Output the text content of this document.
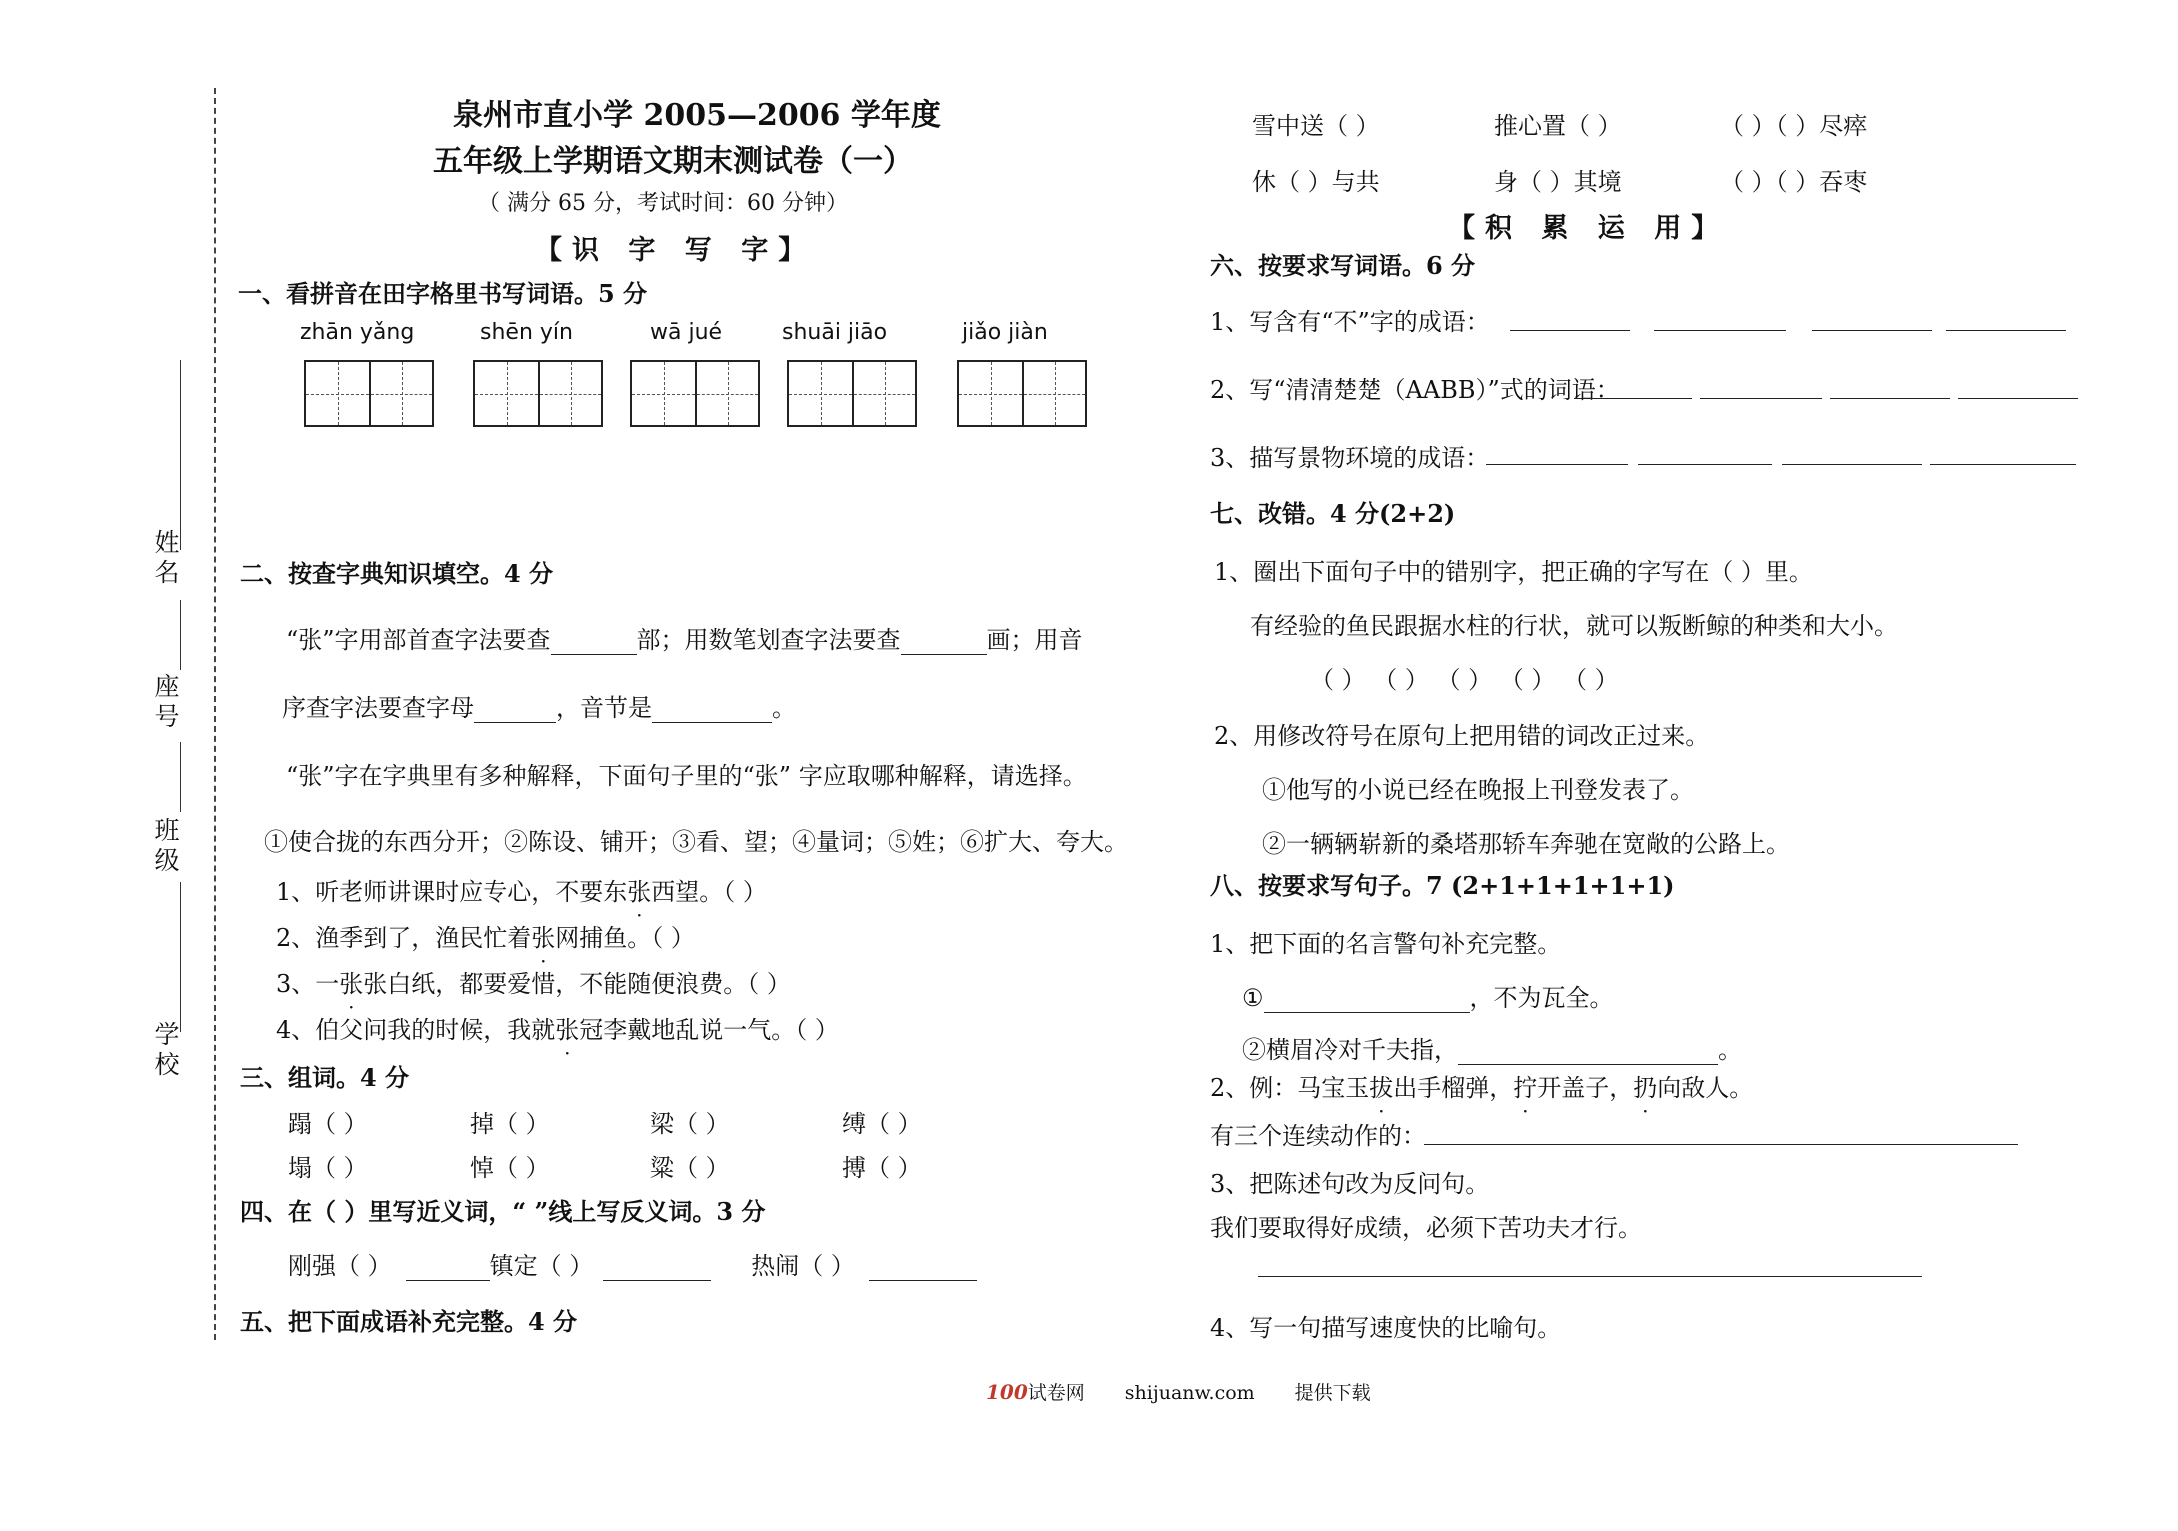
姓名
座号
班级
学校
泉州市直小学 2005—2006 学年度
五年级上学期语文期末测试卷（一）
（ 满分 65 分，考试时间：60 分钟）
【识 字 写 字】
一、看拼音在田字格里书写词语。5 分
zhān yǎng	shēn yín	wā jué	shuāi jiāo	jiǎo jiàn
二、按查字典知识填空。4 分
“张”字用部首查字法要查	部；用数笔划查字法要查	画；用音
序查字法要查字母	，音节是	。
“张”字在字典里有多种解释，下面句子里的“张” 字应取哪种解释，请选择。
①使合拢的东西分开；②陈设、铺开；③看、望；④量词；⑤姓；⑥扩大、夸大。
1、听老师讲课时应专心，不要东张西望。（ ）
2、渔季到了，渔民忙着张网捕鱼。（ ）
3、一张张白纸，都要爱惜，不能随便浪费。（ ）
4、伯父问我的时候，我就张冠李戴地乱说一气。（ ）
三、组词。4 分
蹋（ ）	掉（ ）	梁（ ）	缚（ ）
塌（ ）	悼（ ）	粱（ ）	搏（ ）
四、在（ ）里写近义词，“ ”线上写反义词。3 分
刚强（ ）	镇定（ ）	热闹（ ）
五、把下面成语补充完整。4 分
雪中送（ ）	推心置（ ）	（ ）（ ）尽瘁
休（ ）与共	身（ ）其境	（ ）（ ）吞枣
【积 累 运 用】
六、按要求写词语。6 分
1、写含有“不”字的成语：
2、写“清清楚楚（AABB）”式的词语：
3、描写景物环境的成语：
七、改错。4 分(2+2)
1、圈出下面句子中的错别字，把正确的字写在（ ）里。
有经验的鱼民跟据水柱的行状，就可以叛断鲸的种类和大小。
（ ） （ ） （ ） （ ） （ ）
2、用修改符号在原句上把用错的词改正过来。
①他写的小说已经在晚报上刊登发表了。
②一辆辆崭新的桑塔那轿车奔驰在宽敞的公路上。
八、按要求写句子。7 (2+1+1+1+1+1)
1、把下面的名言警句补充完整。
①	，不为瓦全。
②横眉冷对千夫指，	。
2、例：马宝玉拔出手榴弹，拧开盖子，扔向敌人。
有三个连续动作的：
3、把陈述句改为反问句。
我们要取得好成绩，必须下苦功夫才行。
4、写一句描写速度快的比喻句。
100试卷网 shijuanw.com 提供下载
